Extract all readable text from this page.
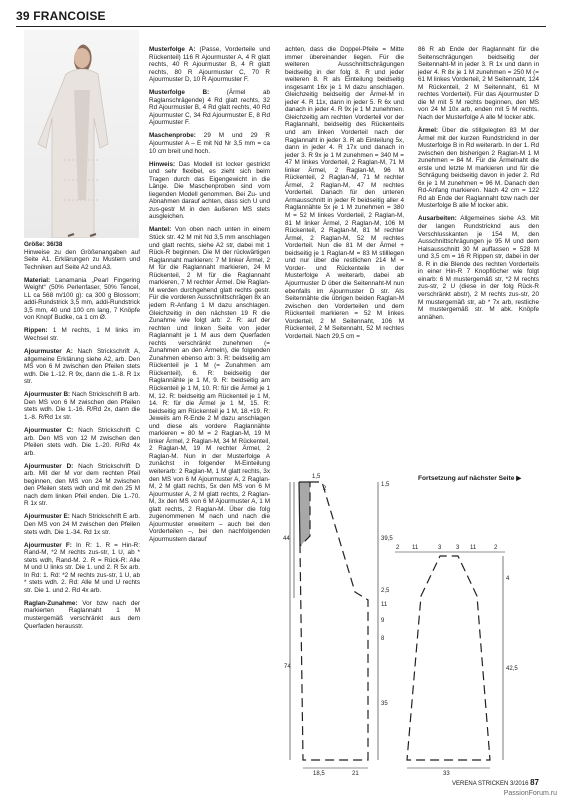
39 FRANCOISE

Größe: 36/38
Hinweise zu den Größenangaben auf Seite A1. Erklärungen zu Mustern und Techniken auf Seite A2 und A3.

Material: Lanamania „Pearl Fingering Weight“ (50% Perlenfaser, 50% Tencel, LL ca 568 m/100 g): ca 300 g Blossom; addi-Rundstrick 3,5 mm, addi-Rundstrick 3,5 mm, 40 und 100 cm lang, 7 Knöpfe von Knopf Budke, ca 1 cm Ø.

Rippen: 1 M rechts, 1 M links im Wechsel str.

Ajourmuster A: Nach Strickschrift A, allgemeine Erklärung siehe A2, arb. Den MS von 6 M zwischen den Pfeilen stets wdh. Die 1.-12. R 9x, dann die 1.-8. R 1x str.

Ajourmuster B: Nach Strickschrift B arb. Den MS von 6 M zwischen den Pfeilen stets wdh. Die 1.-16. R/Rd 2x, dann die 1.-8. R/Rd 1x str.

Ajourmuster C: Nach Strickschrift C arb. Den MS von 12 M zwischen den Pfeilen stets wdh. Die 1.-20. R/Rd 4x arb.

Ajourmuster D: Nach Strickschrift D arb. Mit der M vor dem rechten Pfeil beginnen, den MS von 24 M zwischen den Pfeilen stets wdh und mit den 25 M nach dem linken Pfeil enden. Die 1.-70. R 1x str.

Ajourmuster E: Nach Strickschrift E arb. Den MS von 24 M zwischen den Pfeilen stets wdh. Die 1.-34. Rd 1x str.

Ajourmuster F: In R: 1. R = Hin-R: Rand-M, *2 M rechts zus-str, 1 U, ab * stets wdh, Rand-M. 2. R = Rück-R: Alle M und U links str. Die 1. und 2. R 5x arb. In Rd: 1. Rd: *2 M rechts zus-str, 1 U, ab * stets wdh. 2. Rd: Alle M und U rechts str. Die 1. und 2. Rd 4x arb.

Raglan-Zunahme: Vor bzw nach der markierten Raglannaht 1 M mustergemäß verschränkt aus dem Querfaden herausstr.

Musterfolge A: (Passe, Vorderteile und Rückenteil) 116 R Ajourmuster A, 4 R glatt rechts, 40 R Ajourmuster B, 4 R glatt rechts, 80 R Ajourmuster C, 70 R Ajourmuster D, 10 R Ajourmuster F.

Musterfolge B:	(Ärmel ab Raglanschrägende) 4 Rd glatt rechts, 32 Rd Ajourmuster B, 4 Rd glatt rechts, 40 Rd Ajourmuster C, 34 Rd Ajourmuster E, 8 Rd Ajourmuster F.

Maschenprobe: 29 M und 29 R Ajourmuster A – E mit Nd Nr 3,5 mm = ca 10 cm breit und hoch.

Hinweis: Das Modell ist locker gestrickt und sehr flexibel, es zieht sich beim Tragen durch das Eigengewicht in die Länge. Die Maschenproben sind vom liegenden Modell genommen. Bei Zu- und Abnahmen darauf achten, dass sich U und zus-gestr M in den äußeren MS stets ausgleichen.

Mantel: Von oben nach unten in einem Stück str. 42 M mit Nd 3,5 mm anschlagen und glatt rechts, siehe A2 str, dabei mit 1 Rück-R beginnen. Die M der rückwärtigen Raglannaht markieren: 7 M linker Ärmel, 2 M für die Raglannaht markieren, 24 M Rückenteil, 2 M für die Raglannaht markieren, 7 M rechter Ärmel. Die Raglan-M werden durchgehend glatt rechts gestr. Für die vorderen Ausschnittschrägen 8x an jedem R-Anfang 1 M dazu anschlagen. Gleichzeitig in den nächsten 19 R die Zunahme wie folgt arb: 2. R: auf der rechten und linken Seite von jeder Raglannaht je 1 M aus dem Querfaden rechts verschränkt zunehmen (= Zunahmen an den Ärmeln), die folgenden Zunahmen ebenso arb: 3. R: beidseitig am Rückenteil je 1 M (= Zunahmen am Rückenteil), 6. R: beidseitig der Raglannähte je 1 M, 9. R: beidseitig am Rückenteil je 1 M, 10. R: für die Ärmel je 1 M, 12. R: beidseitig am Rückenteil je 1 M, 14. R: für die Ärmel je 1 M, 15. R: beidseitig am Rückenteil je 1 M, 18.+19. R: Jeweils am R-Ende 2 M dazu anschlagen und diese als vordere Raglannähte markieren = 80 M = 2 Raglan-M, 19 M linker Ärmel, 2 Raglan-M, 34 M Rückenteil, 2 Raglan-M, 19 M rechter Ärmel, 2 Raglan-M. Nun in der Musterfolge A zunächst in folgender M-Einteilung weiterarb: 2 Raglan-M, 1 M glatt rechts, 3x den MS von 6 M Ajourmuster A, 2 Raglan-M, 2 M glatt rechts, 5x den MS von 6 M Ajourmuster A, 2 M glatt rechts, 2 Raglan-M, 3x den MS von 6 M Ajourmuster A, 1 M glatt rechts, 2 Raglan-M. Über die folg zugenommenen M nach und nach die Ajourmuster erweitern – auch bei den Vorderteilen –, bei den nachfolgenden Ajourmustern darauf

achten, dass die Doppel-Pfeile = Mitte immer übereinander liegen. Für die weiteren Ausschnittschrägungen beidseitig in der folg 8. R und jeder weiteren 8. R als Einteilung beidseitig insgesamt 16x je 1 M dazu anschlagen. Gleichzeitig beidseitig der Ärmel-M in jeder 4. R 11x, dann in jeder 5. R 6x und danach in jeder 4. R 9x je 1 M zunehmen. Gleichzeitig am rechten Vorderteil vor der Raglannaht, beidseitig des Rückenteils und am linken Vorderteil nach der Raglannaht in jeder 3. R ab Einteilung 5x, dann in jeder 4. R 17x und danach in jeder 3. R 9x je 1 M zunehmen = 340 M = 47 M linkes Vorderteil, 2 Raglan-M, 71 M linker Ärmel, 2 Raglan-M, 96 M Rückenteil, 2 Raglan-M, 71 M rechter Ärmel, 2 Raglan-M, 47 M rechtes Vorderteil. Danach für den unteren Armausschnitt in jeder R beidseitig aller 4 Raglannähte 5x je 1 M zunehmen = 380 M = 52 M linkes Vorderteil, 2 Raglan-M, 81 M linker Ärmel, 2 Raglan-M, 106 M Rückenteil, 2 Raglan-M, 81 M rechter Ärmel, 2 Raglan-M, 52 M rechtes Vorderteil. Nun die 81 M der Ärmel + beidseitig je 1 Raglan-M = 83 M stilllegen und nur über die restlichen 214 M = Vorder- und Rückenteile in der Musterfolge A weiterarb, dabei ab Ajourmuster D über die Seitennaht-M nun ebenfalls im Ajourmuster D str. Als Seitennähte die übrigen beiden Raglan-M zwischen den Vorderteilen und dem Rückenteil markieren = 52 M linkes Vorderteil, 2 M Seitennaht, 106 M Rückenteil, 2 M Seitennaht, 52 M rechtes Vorderteil. Nach 29,5 cm =

86 R ab Ende der Raglannaht für die Seitenschrägungen beidseitig der Seitennaht-M in jeder 3. R 1x und dann in jeder 4. R 8x je 1 M zunehmen = 250 M (= 61 M linkes Vorderteil, 2 M Seitennaht, 124 M Rückenteil, 2 M Seitennaht, 61 M rechtes Vorderteil). Für das Ajourmuster D die M mit 5 M rechts beginnen, den MS von 24 M 10x arb, enden mit 5 M rechts. Nach der Musterfolge A alle M locker abk.

Ärmel: Über die stillgelegten 83 M der Ärmel mit der kurzen Rundstricknd in der Musterfolge B in Rd weiterarb. In der 1. Rd zwischen den bisherigen 2 Raglan-M 1 M zunehmen = 84 M. Für die Ärmelnaht die erste und letzte M markieren und für die Schrägung beidseitig davon in jeder 2. Rd 6x je 1 M zunehmen = 96 M. Danach den Rd-Anfang markieren. Nach 42 cm = 122 Rd ab Ende der Raglannaht bzw nach der Musterfolge B alle M locker abk.

Ausarbeiten: Allgemeines siehe A3. Mit der langen Rundstricknd aus den Verschlusskanten je 154 M, den Ausschnittschrägungen je 95 M und dem Halsausschnitt 30 M auffassen = 528 M und 3,5 cm = 16 R Rippen str, dabei in der 8. R in die Blende des rechten Vorderteils in einer Hin-R 7 Knopflöcher wie folgt einarb: 6 M mustergemäß str, *2 M rechts zus-str, 2 U (diese in der folg Rück-R verschränkt abstr), 2 M rechts zus-str, 20 M mustergemäß str, ab * 7x arb, restliche M mustergemäß str. M abk. Knöpfe annähen.

Fortsetzung auf nächster Seite ▶
44
74
1,5
2
1,5
39,5
2,5
11
9
8
35
18,5	21
2 11	3 3 11	2
4
42,5
33
VERENA STRICKEN 3/2016 87
PassionForum.ru
